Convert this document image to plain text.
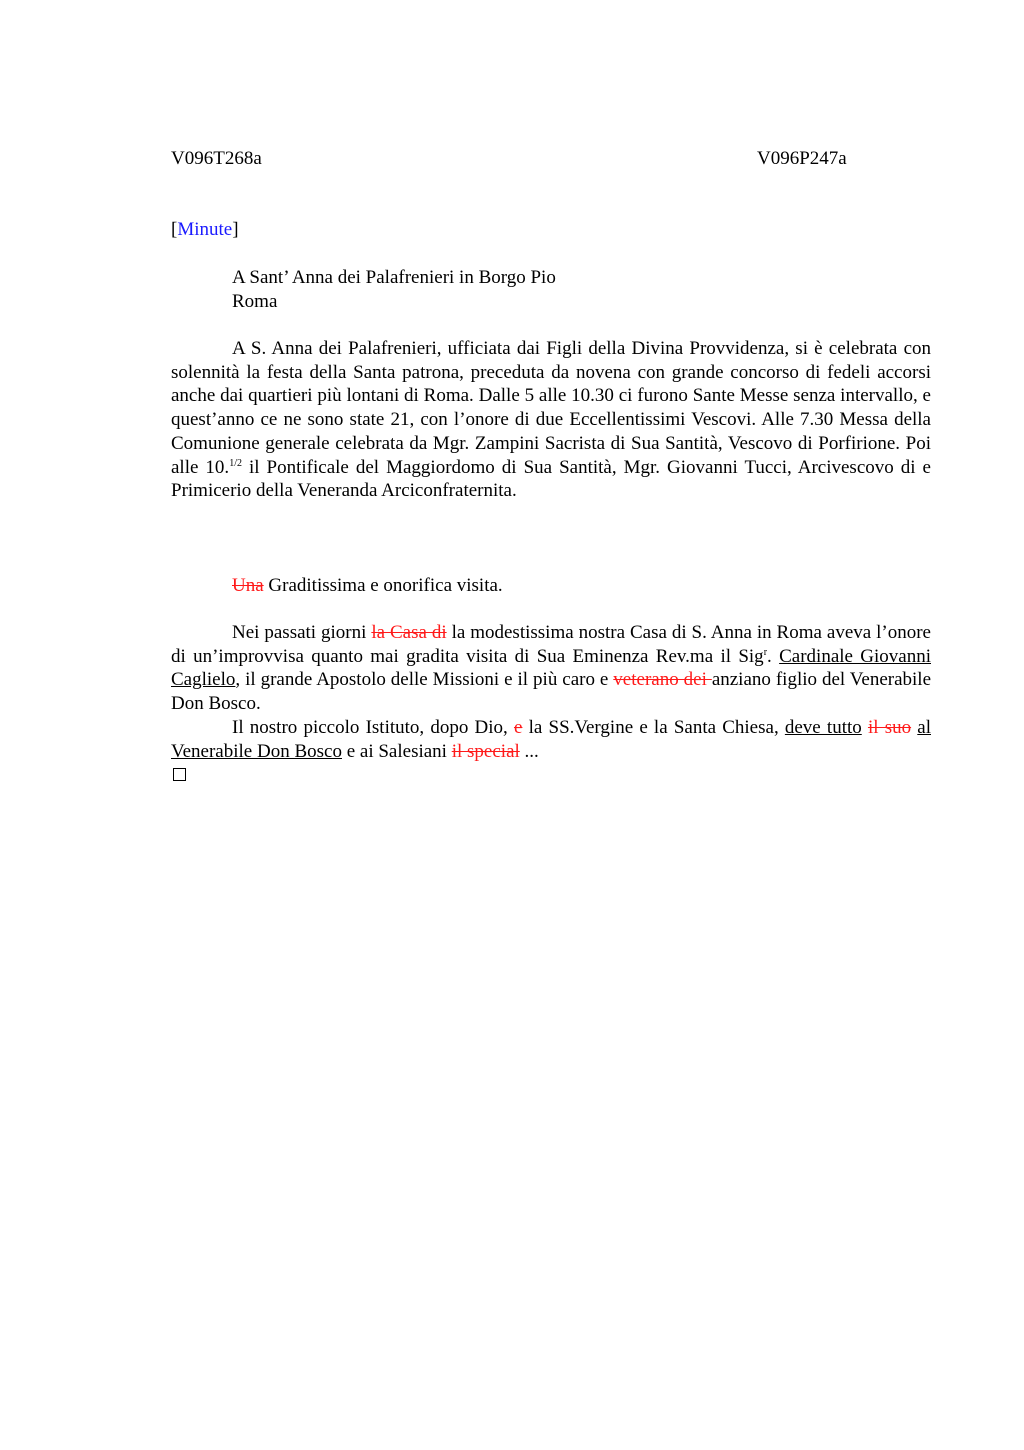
V096T268a	V096P247a
[Minute]
A Sant’ Anna dei Palafrenieri in Borgo Pio
Roma
A S. Anna dei Palafrenieri, ufficiata dai Figli della Divina Provvidenza, si è celebrata con solennità la festa della Santa patrona, preceduta da novena con grande concorso di fedeli accorsi anche dai quartieri più lontani di Roma. Dalle 5 alle 10.30 ci furono Sante Messe senza intervallo, e quest’anno ce ne sono state 21, con l’onore di due Eccellentissimi Vescovi. Alle 7.30 Messa della Comunione generale celebrata da Mgr. Zampini Sacrista di Sua Santità, Vescovo di Porfirione. Poi alle 10.$^{1/2}$ il Pontificale del Maggiordomo di Sua Santità, Mgr. Giovanni Tucci, Arcivescovo di e Primicerio della Veneranda Arciconfraternita.
Una Graditissima e onorifica visita.
Nei passati giorni la Casa di la modestissima nostra Casa di S. Anna in Roma aveva l’onore di un’improvvisa quanto mai gradita visita di Sua Eminenza Rev.ma il Sig$^r$. Cardinale Giovanni Caglielo, il grande Apostolo delle Missioni e il più caro e veterano dei anziano figlio del Venerabile Don Bosco.
Il nostro piccolo Istituto, dopo Dio, e la SS.Vergine e la Santa Chiesa, deve tutto il suo al Venerabile Don Bosco e ai Salesiani il special ...
